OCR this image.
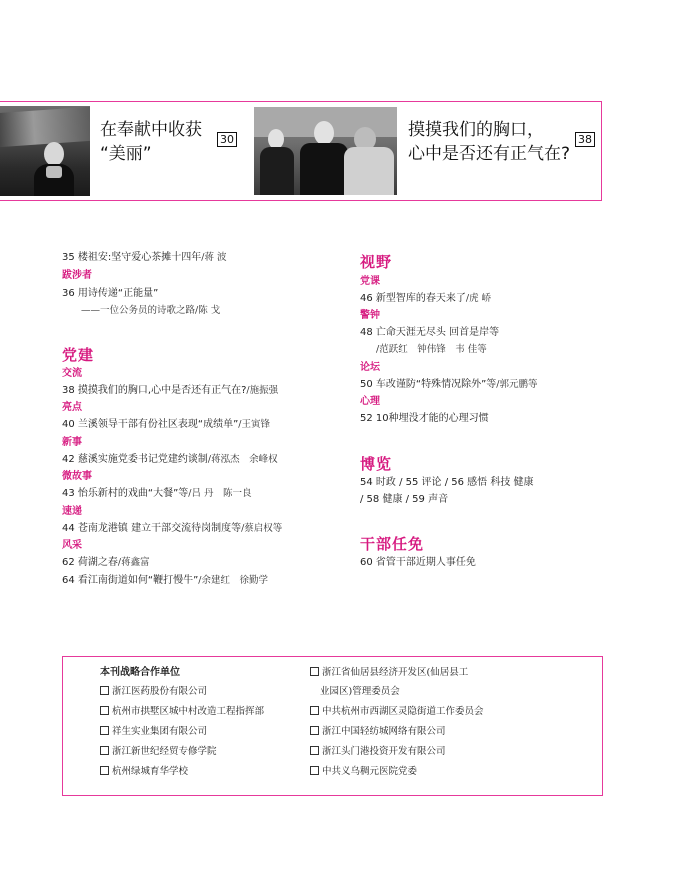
在奉献中收获
“美丽”
30	摸摸我们的胸口，
心中是否还有正气在?
38
35 楼祖安:坚守爱心茶摊十四年/蒋 波
跋涉者
36 用诗传递“正能量”
——一位公务员的诗歌之路/陈 戈
党建
交流
38 摸摸我们的胸口,心中是否还有正气在?/施振强
亮点
40 兰溪领导干部有份社区表现“成绩单”/王寅锋
新事
42 慈溪实施党委书记党建约谈制/蒋泓杰　余峰权
微故事
43 怡乐新村的戏曲“大餐”等/吕 丹　陈一良
速递
44 苍南龙港镇 建立干部交流待岗制度等/蔡启权等
风采
62 荷湖之春/蒋鑫富
64 看江南街道如何“鞭打慢牛”/余建红　徐勤学
视野
党课
46 新型智库的春天来了/虎 峤
警钟
48 亡命天涯无尽头 回首是岸等
/范跃红　钟伟锋　韦 佳等
论坛
50 车改谨防“特殊情况除外”等/郭元鹏等
心理
52 10种埋没才能的心理习惯
博览
54 时政 / 55 评论 / 56 感悟 科技 健康
/ 58 健康 / 59 声音
干部任免
60 省管干部近期人事任免
本刊战略合作单位
浙江医药股份有限公司
杭州市拱墅区城中村改造工程指挥部
祥生实业集团有限公司
浙江新世纪经贸专修学院
杭州绿城育华学校
浙江省仙居县经济开发区(仙居县工
业园区)管理委员会
中共杭州市西湖区灵隐街道工作委员会
浙江中国轻纺城网络有限公司
浙江头门港投资开发有限公司
中共义乌稠元医院党委
